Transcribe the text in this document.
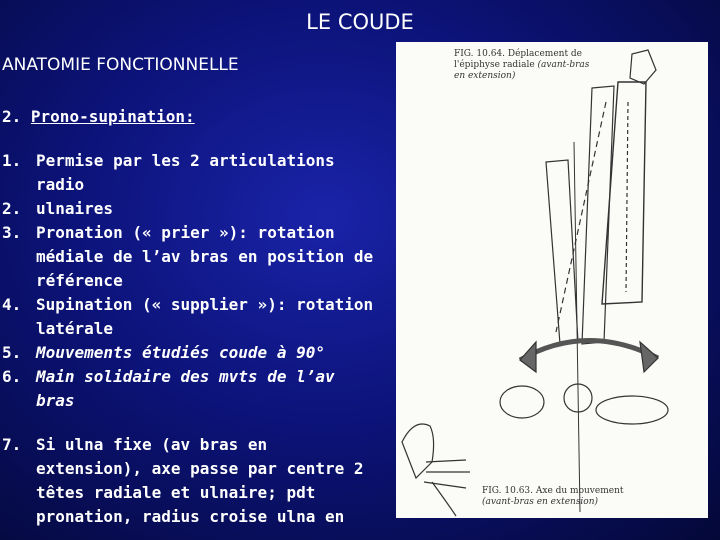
LE COUDE
ANATOMIE FONCTIONNELLE
2. Prono-supination:
1. Permise par les 2 articulations radio
2. ulnaires
3. Pronation (« prier »): rotation médiale de l’av bras en position de référence
4. Supination (« supplier »): rotation latérale
5. Mouvements étudiés coude à 90°
6. Main solidaire des mvts de l’av bras
7. Si ulna fixe (av bras en extension), axe passe par centre 2 têtes radiale et ulnaire; pdt pronation, radius croise ulna en
FIG. 10.64. Déplacement de
l'épiphyse radiale (avant-bras
en extension)
FIG. 10.63. Axe du mouvement
(avant-bras en extension)
